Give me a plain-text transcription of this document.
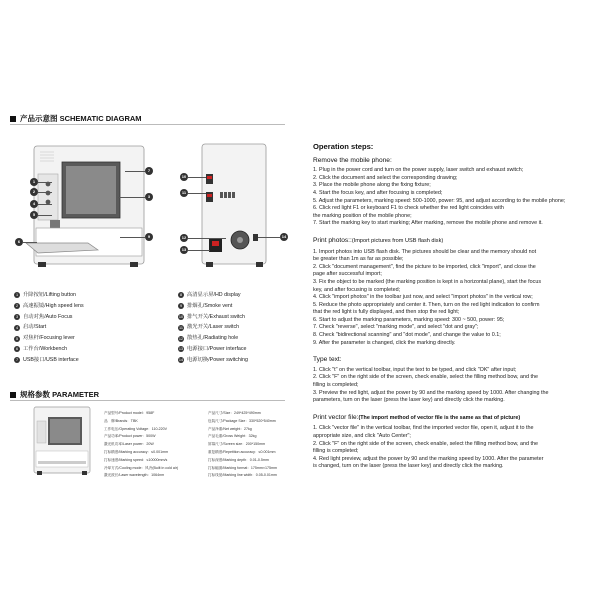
产品示意图 SCHEMATIC DIAGRAM
7
1
2
3
4
5
9
6
10
11
12
13
14
1 升降按钮/Lifting button
2 高速振镜/High speed lens
3 自动对焦/Auto Focus
4 启动/Start
5 对焦杆/Focusing lever
6 工作台/Workbench
7 USB接口/USB interface
8 高清显示屏/HD display
9 排烟孔/Smoke vent
10 排气开关/Exhaust switch
11 激光开关/Laser switch
12 散热孔/Radiating hole
13 电源接口/Power interface
14 电源切换/Power switching
规格参数 PARAMETER
产品型号/Product model：958F
品　牌/Brands：TBK
工作电压/Operating Voltage：110-220V
产品功率/Product power：500W
激光机功率/Laser power：20W
打标精度/Marking accuracy：≤0.001mm
打标速度/Marking speed：≤10000mm/s
冷却方式/Cooling mode：风冷(Built in cold air)
激光波长/Laser wavelength：1064nm
产品尺寸/Size：249*425*490mm
包装尺寸/Package Size：330*520*540mm
产品净重/Net weight：27kg
产品毛重/Gross Weight：32kg
屏幕尺寸/Screen size：200*150mm
重复精度/Repetition accuracy：≤0.001mm
打标深度/Marking depth：0.01-0.5mm
打标幅面/Marking format：175mm×175mm
打标线宽/Marking line width：0.05-0.01mm
Operation steps:
Remove the mobile phone:
1. Plug in the power cord and turn on the power supply, laser switch and exhaust switch;
2. Click the document and select the corresponding drawing;
3. Place the mobile phone along the fixing fixture;
4. Start the focus key, and after focusing is completed;
5. Adjust the parameters, marking speed: 500-1000, power: 95, and adjust according to the mobile phone;
6. Click red light F1 or keyboard F1 to check whether the red light coincides with
the marking position of the mobile phone;
7. Start the marking key to start marking; After marking, remove the mobile phone and remove it.
Print photos::(Import pictures from USB flash disk)
1. Import photos into USB flash disk. The pictures should be clear and the memory should not
be greater than 1m as far as possible;
2. Click "document management", find the picture to be imported, click "import", and close the
page after successful import;
3. Fix the object to be marked (the marking position is kept in a horizontal plane), start the focus
key, and after focusing is completed;
4. Click "import photos" in the toolbar just now, and select "import photos" in the vertical row;
5. Reduce the photo appropriately and center it. Then, turn on the red light indication to confirm
that the red light is fully displayed, and then stop the red light;
6. Start to adjust the marking parameters, marking speed: 300 ~ 500, power: 95;
7. Check "reverse", select "marking mode", and select "dot and gray";
8. Check "bidirectional scanning" and "dot mode", and change the value to 0.1;
9. After the parameter is changed, click the marking directly.
Type text:
1. Click "t" on the vertical toolbar, input the text to be typed, and click "OK" after input;
2. Click "F" on the right side of the screen, check enable, select the filling method bow, and the
filling is completed;
3. Preview the red light, adjust the power by 90 and the marking speed by 1000. After changing the
parameters, turn on the laser (press the laser key) and directly click the marking.
Print vector file:(The import method of vector file is the same as that of picture)
1. Click "vector file" in the vertical toolbar, find the imported vector file, open it, adjust it to the
appropriate size, and click "Auto Center";
2. Click "F" on the right side of the screen, check enable, select the filling method bow, and the
filling is completed;
4. Red light preview, adjust the power by 90 and the marking speed by 1000. After the parameter
is changed, turn on the laser (press the laser key) and directly click the marking.
